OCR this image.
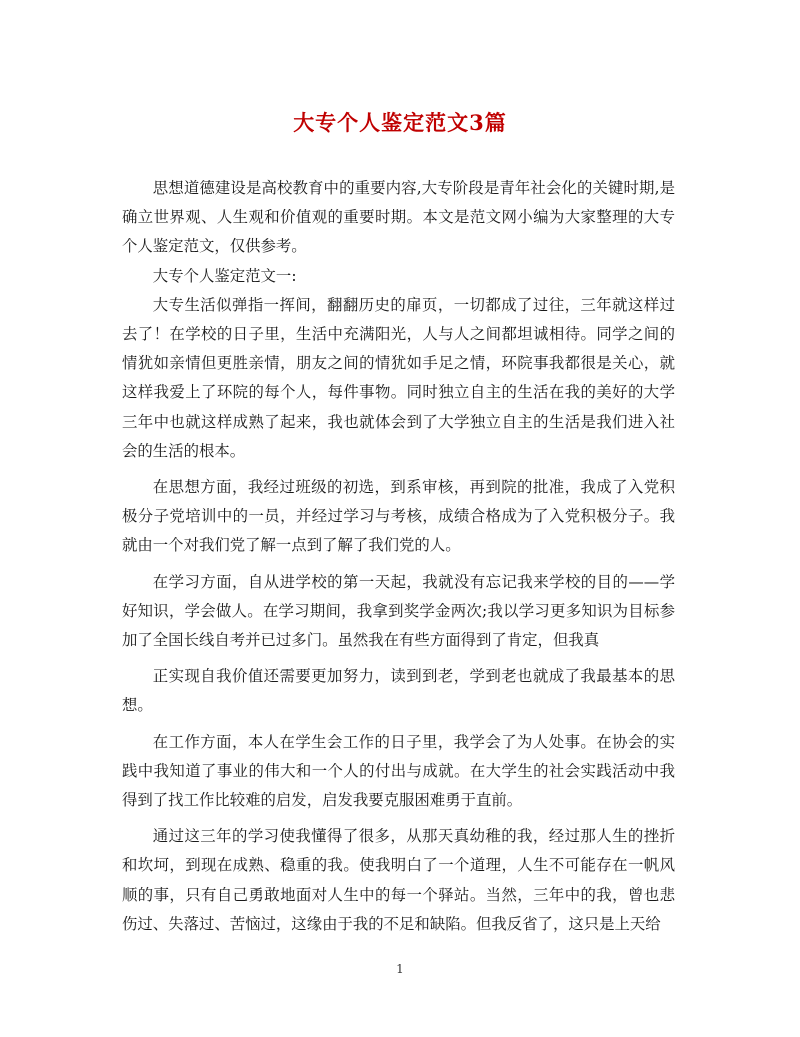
大专个人鉴定范文3篇

思想道德建设是高校教育中的重要内容,大专阶段是青年社会化的关键时期,是确立世界观、人生观和价值观的重要时期。本文是范文网小编为大家整理的大专个人鉴定范文，仅供参考。

大专个人鉴定范文一:

大专生活似弹指一挥间，翻翻历史的扉页，一切都成了过往，三年就这样过去了！在学校的日子里，生活中充满阳光，人与人之间都坦诚相待。同学之间的情犹如亲情但更胜亲情，朋友之间的情犹如手足之情，环院事我都很是关心，就这样我爱上了环院的每个人，每件事物。同时独立自主的生活在我的美好的大学三年中也就这样成熟了起来，我也就体会到了大学独立自主的生活是我们进入社会的生活的根本。

在思想方面，我经过班级的初选，到系审核，再到院的批准，我成了入党积极分子党培训中的一员，并经过学习与考核，成绩合格成为了入党积极分子。我就由一个对我们党了解一点到了解了我们党的人。

在学习方面，自从进学校的第一天起，我就没有忘记我来学校的目的——学好知识，学会做人。在学习期间，我拿到奖学金两次;我以学习更多知识为目标参加了全国长线自考并已过多门。虽然我在有些方面得到了肯定，但我真

正实现自我价值还需要更加努力，读到到老，学到老也就成了我最基本的思想。

在工作方面，本人在学生会工作的日子里，我学会了为人处事。在协会的实践中我知道了事业的伟大和一个人的付出与成就。在大学生的社会实践活动中我得到了找工作比较难的启发，启发我要克服困难勇于直前。

通过这三年的学习使我懂得了很多，从那天真幼稚的我，经过那人生的挫折和坎坷，到现在成熟、稳重的我。使我明白了一个道理，人生不可能存在一帆风顺的事，只有自己勇敢地面对人生中的每一个驿站。当然，三年中的我，曾也悲伤过、失落过、苦恼过，这缘由于我的不足和缺陷。但我反省了，这只是上天给

1
